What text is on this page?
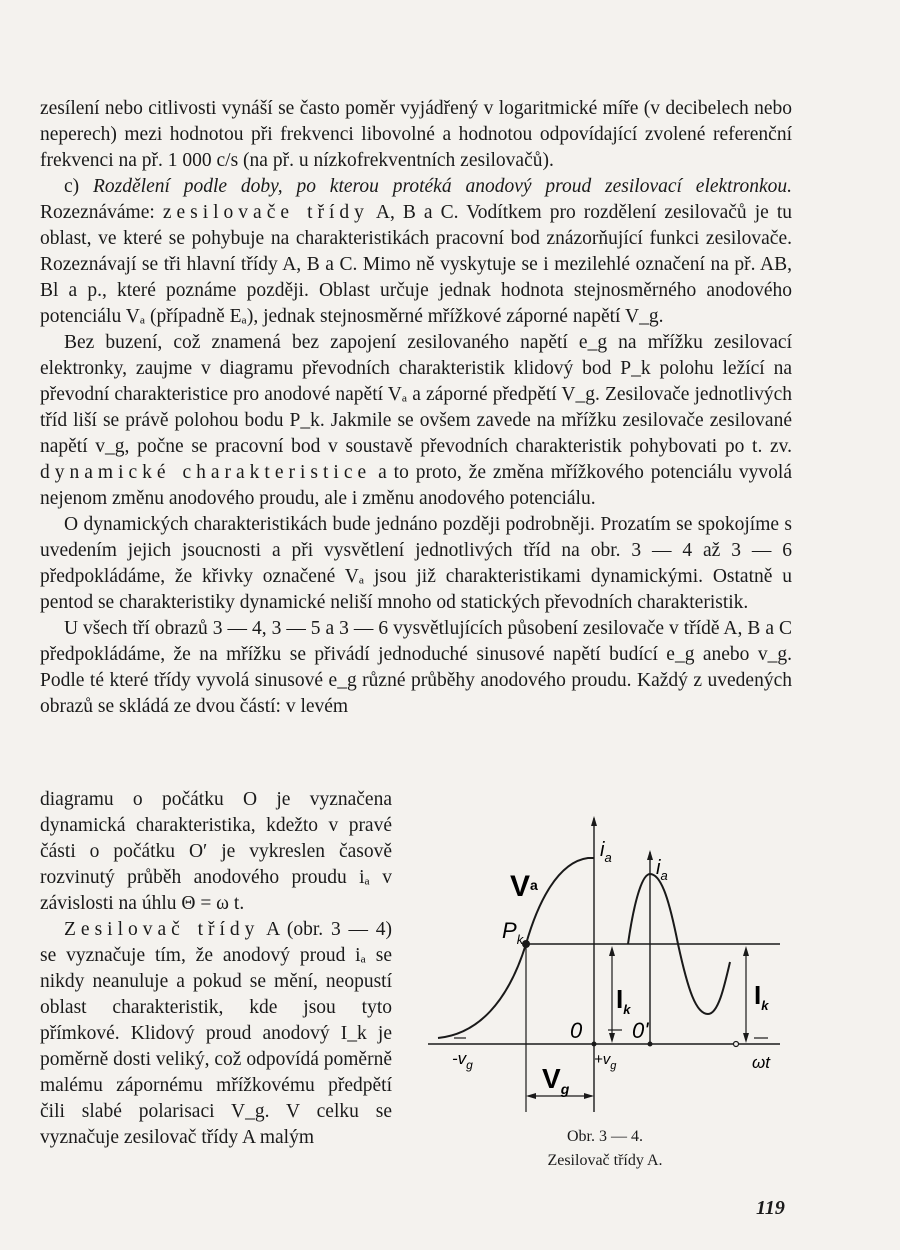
zesílení nebo citlivosti vynáší se často poměr vyjádřený v logaritmické míře (v decibelech nebo neperech) mezi hodnotou při frekvenci libovolné a hodnotou odpovídající zvolené referenční frekvenci na př. 1 000 c/s (na př. u nízkofrekventních zesilovačů).

c) Rozdělení podle doby, po kterou protéká anodový proud zesilovací elektronkou. Rozeznáváme: zesilovače třídy A, B a C. Vodítkem pro rozdělení zesilovačů je tu oblast, ve které se pohybuje na charakteristikách pracovní bod znázorňující funkci zesilovače. Rozeznávají se tři hlavní třídy A, B a C. Mimo ně vyskytuje se i mezilehlé označení na př. AB, Bl a p., které poznáme později. Oblast určuje jednak hodnota stejnosměrného anodového potenciálu Vₐ (případně Eₐ), jednak stejnosměrné mřížkové záporné napětí V_g.

Bez buzení, což znamená bez zapojení zesilovaného napětí e_g na mřížku zesilovací elektronky, zaujme v diagramu převodních charakteristik klidový bod P_k polohu ležící na převodní charakteristice pro anodové napětí Vₐ a záporné předpětí V_g. Zesilovače jednotlivých tříd liší se právě polohou bodu P_k. Jakmile se ovšem zavede na mřížku zesilovače zesilované napětí v_g, počne se pracovní bod v soustavě převodních charakteristik pohybovati po t. zv. dynamické charakteristice a to proto, že změna mřížkového potenciálu vyvolá nejenom změnu anodového proudu, ale i změnu anodového potenciálu.

O dynamických charakteristikách bude jednáno později podrobněji. Prozatím se spokojíme s uvedením jejich jsoucnosti a při vysvětlení jednotlivých tříd na obr. 3 — 4 až 3 — 6 předpokládáme, že křivky označené Vₐ jsou již charakteristikami dynamickými. Ostatně u pentod se charakteristiky dynamické neliší mnoho od statických převodních charakteristik.

U všech tří obrazů 3 — 4, 3 — 5 a 3 — 6 vysvětlujících působení zesilovače v třídě A, B a C předpokládáme, že na mřížku se přivádí jednoduché sinusové napětí budící e_g anebo v_g. Podle té které třídy vyvolá sinusové e_g různé průběhy anodového proudu. Každý z uvedených obrazů se skládá ze dvou částí: v levém

diagramu o počátku O je vyznačena dynamická charakteristika, kdežto v pravé části o počátku O′ je vykreslen časově rozvinutý průběh anodového proudu iₐ v závislosti na úhlu Θ = ω t.

Zesilovač třídy A (obr. 3 — 4) se vyznačuje tím, že anodový proud iₐ se nikdy neanuluje a pokud se mění, neopustí oblast charakteristik, kde jsou tyto přímkové. Klidový proud anodový I_k je poměrně dosti veliký, což odpovídá poměrně malému zápornému mřížkovému předpětí čili slabé polarisaci V_g. V celku se vyznačuje zesilovač třídy A malým

$i_a$ $i_a$
$V^a$
$P_k$
$I_k$	$I_k$
0 0'
$-v_g$	$+v_g$
$V_g$
ωt
Obr. 3 — 4.
Zesilovač třídy A.
119
